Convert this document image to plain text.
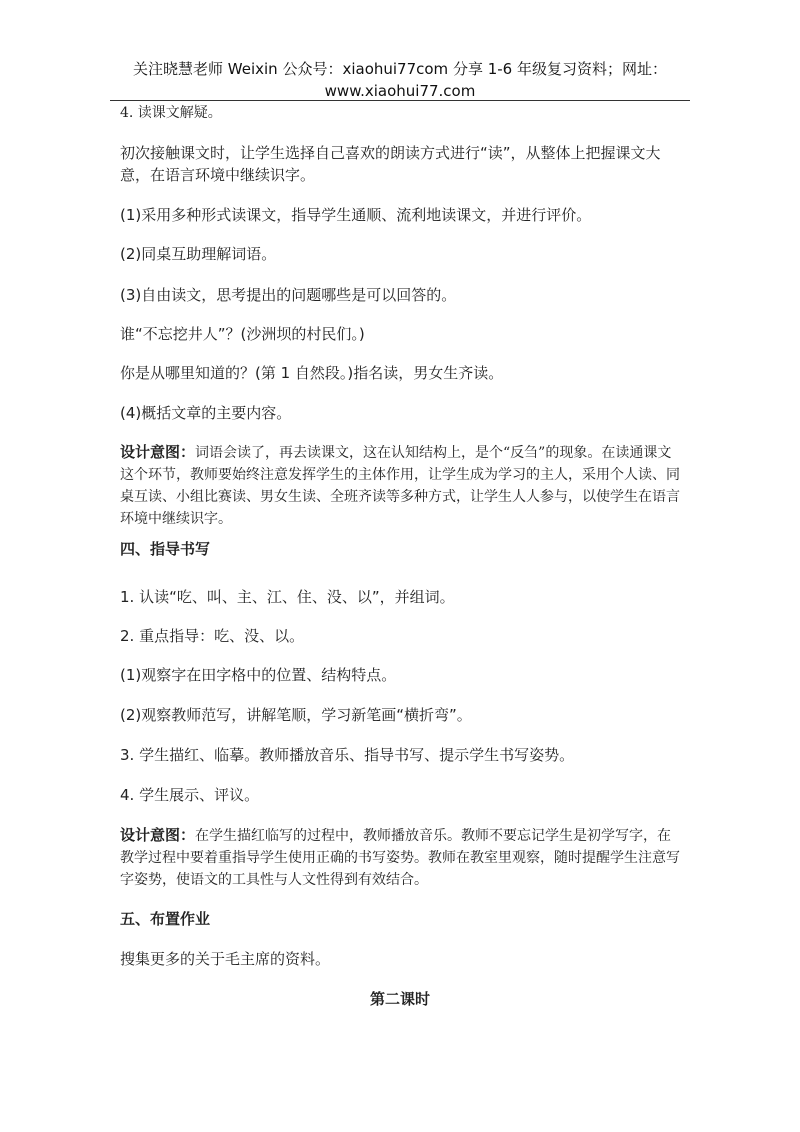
关注晓慧老师 Weixin 公众号：xiaohui77com 分享 1-6 年级复习资料；网址：
www.xiaohui77.com

4. 读课文解疑。

初次接触课文时，让学生选择自己喜欢的朗读方式进行“读”，从整体上把握课文大意，在语言环境中继续识字。

(1)采用多种形式读课文，指导学生通顺、流利地读课文，并进行评价。

(2)同桌互助理解词语。

(3)自由读文，思考提出的问题哪些是可以回答的。

谁“不忘挖井人”？(沙洲坝的村民们。)

你是从哪里知道的？(第 1 自然段。)指名读，男女生齐读。

(4)概括文章的主要内容。

设计意图：词语会读了，再去读课文，这在认知结构上，是个“反刍”的现象。在读通课文这个环节，教师要始终注意发挥学生的主体作用，让学生成为学习的主人，采用个人读、同桌互读、小组比赛读、男女生读、全班齐读等多种方式，让学生人人参与，以使学生在语言环境中继续识字。

四、指导书写

1. 认读“吃、叫、主、江、住、没、以”，并组词。

2. 重点指导：吃、没、以。

(1)观察字在田字格中的位置、结构特点。

(2)观察教师范写，讲解笔顺，学习新笔画“横折弯”。

3. 学生描红、临摹。教师播放音乐、指导书写、提示学生书写姿势。

4. 学生展示、评议。

设计意图：在学生描红临写的过程中，教师播放音乐。教师不要忘记学生是初学写字，在教学过程中要着重指导学生使用正确的书写姿势。教师在教室里观察，随时提醒学生注意写字姿势，使语文的工具性与人文性得到有效结合。

五、布置作业

搜集更多的关于毛主席的资料。

第二课时
